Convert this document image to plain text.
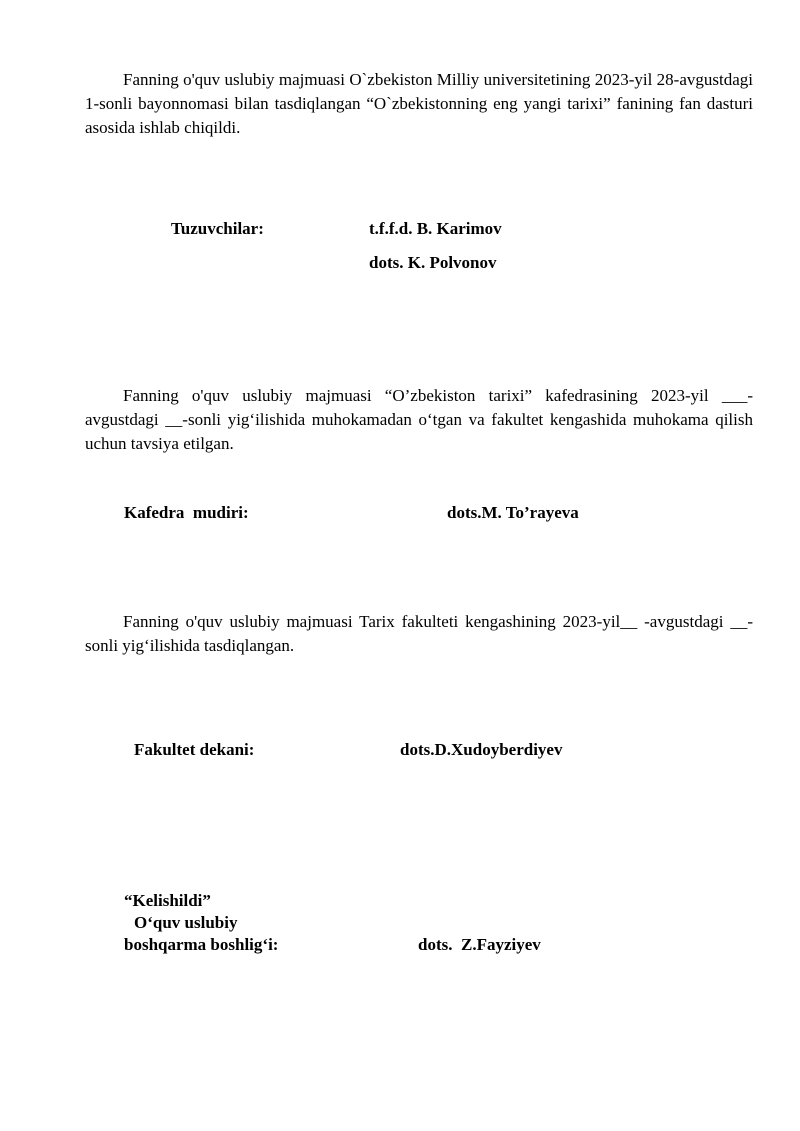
Fanning o'quv uslubiy majmuasi O`zbekiston Milliy universitetining 2023-yil 28-avgustdagi 1-sonli bayonnomasi bilan tasdiqlangan “O`zbekistonning eng yangi tarixi” fanining fan dasturi asosida ishlab chiqildi.

Tuzuvchilar:	t.f.f.d. B. Karimov

dots. K. Polvonov

Fanning o'quv uslubiy majmuasi “O’zbekiston tarixi” kafedrasining 2023-yil ___-avgustdagi __-sonli yig‘ilishida muhokamadan o‘tgan va fakultet kengashida muhokama qilish uchun tavsiya etilgan.

Kafedra  mudiri:	dots.M. To’rayeva

Fanning o'quv uslubiy majmuasi Tarix fakulteti kengashining 2023-yil__ -avgustdagi __-sonli yig‘ilishida tasdiqlangan.

Fakultet dekani:	dots.D.Xudoyberdiyev

“Kelishildi”

O‘quv uslubiy

boshqarma boshlig‘i:	dots.  Z.Fayziyev
